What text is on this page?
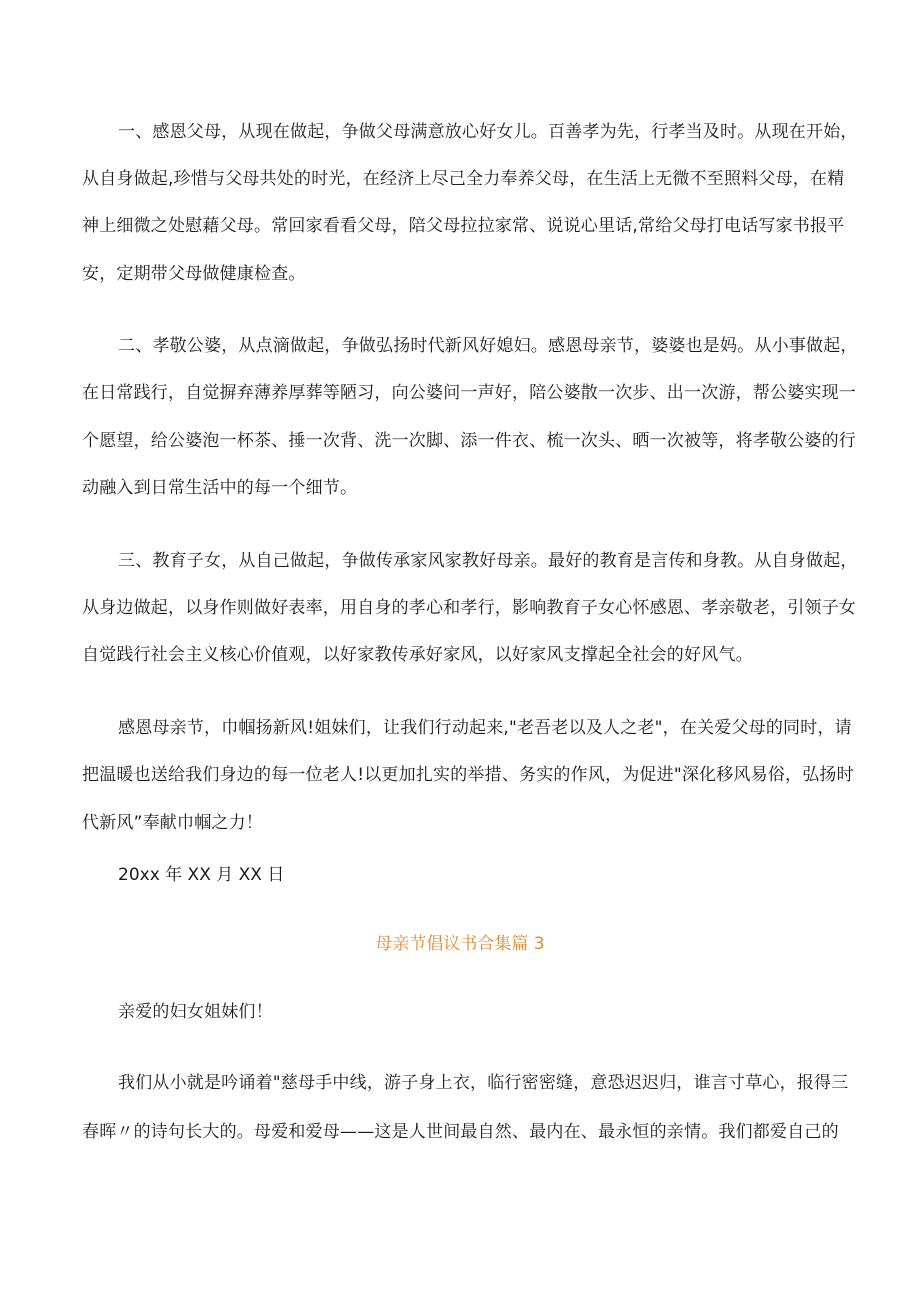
一、感恩父母，从现在做起，争做父母满意放心好女儿。百善孝为先，行孝当及时。从现在开始，
从自身做起,珍惜与父母共处的时光，在经济上尽己全力奉养父母，在生活上无微不至照料父母，在精
神上细微之处慰藉父母。常回家看看父母，陪父母拉拉家常、说说心里话,常给父母打电话写家书报平
安，定期带父母做健康检查。
二、孝敬公婆，从点滴做起，争做弘扬时代新风好媳妇。感恩母亲节，婆婆也是妈。从小事做起，
在日常践行，自觉摒弃薄养厚葬等陋习，向公婆问一声好，陪公婆散一次步、出一次游，帮公婆实现一
个愿望，给公婆泡一杯茶、捶一次背、洗一次脚、添一件衣、梳一次头、晒一次被等，将孝敬公婆的行
动融入到日常生活中的每一个细节。
三、教育子女，从自己做起，争做传承家风家教好母亲。最好的教育是言传和身教。从自身做起，
从身边做起，以身作则做好表率，用自身的孝心和孝行，影响教育子女心怀感恩、孝亲敬老，引领子女
自觉践行社会主义核心价值观，以好家教传承好家风，以好家风支撑起全社会的好风气。
感恩母亲节，巾帼扬新风!姐妹们，让我们行动起来,"老吾老以及人之老"，在关爱父母的同时，请
把温暖也送给我们身边的每一位老人!以更加扎实的举措、务实的作风，为促进"深化移风易俗，弘扬时
代新风”奉献巾帼之力！
20xx 年 XX 月 XX 日
母亲节倡议书合集篇 3
亲爱的妇女姐妹们！
我们从小就是吟诵着"慈母手中线，游子身上衣，临行密密缝，意恐迟迟归，谁言寸草心，报得三
春晖〃的诗句长大的。母爱和爱母——这是人世间最自然、最内在、最永恒的亲情。我们都爱自己的
